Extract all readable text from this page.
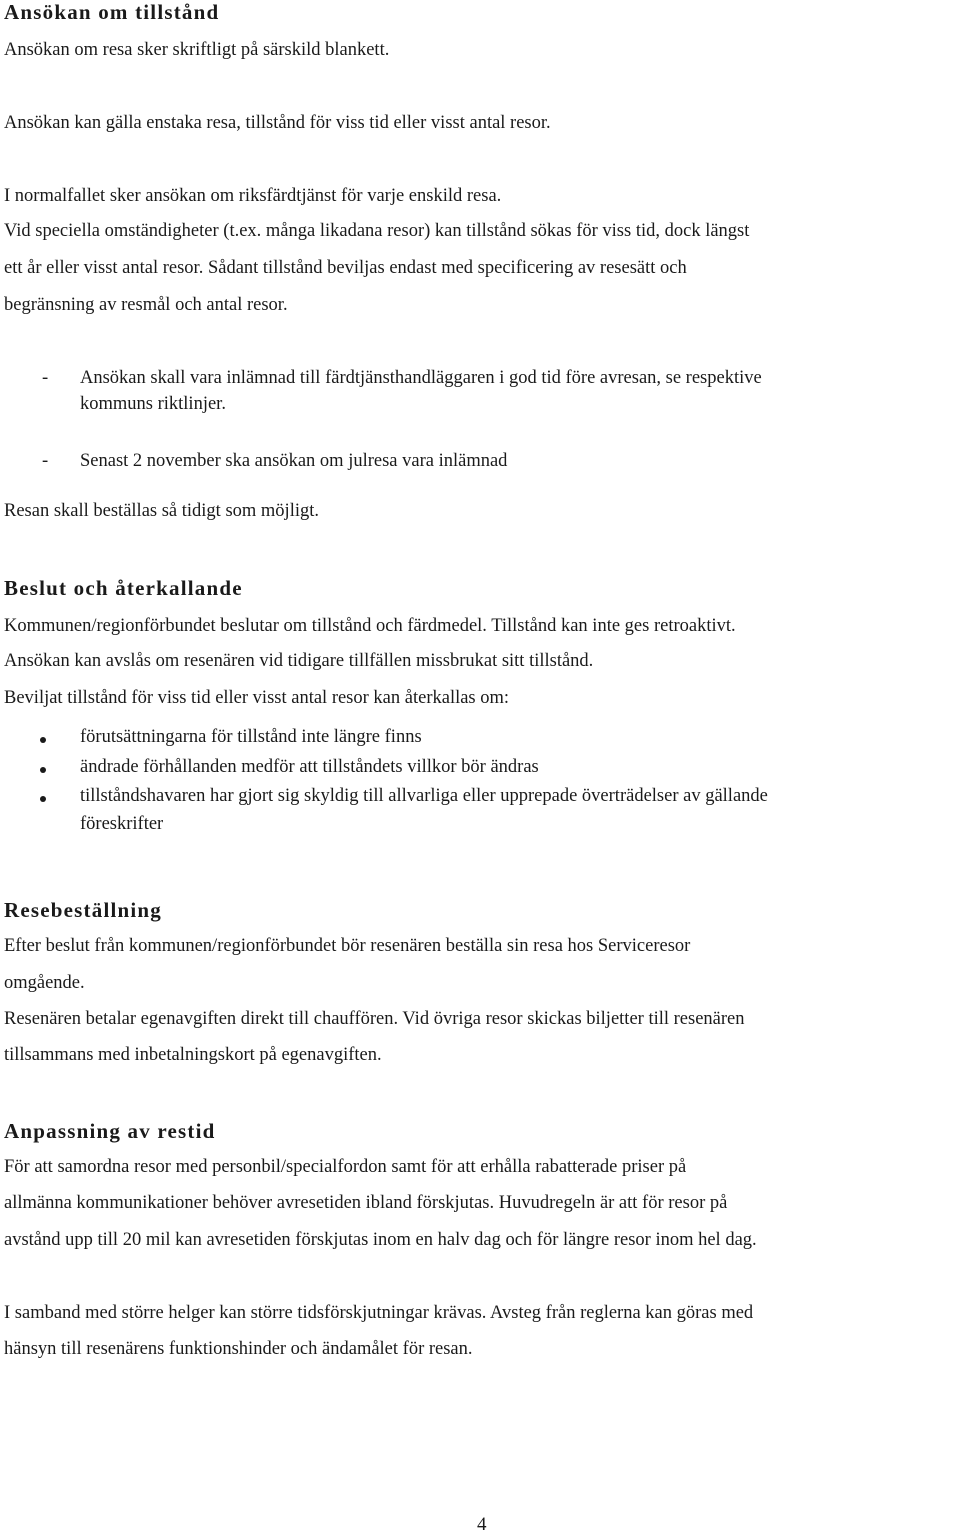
Ansökan om tillstånd

Ansökan om resa sker skriftligt på särskild blankett.

Ansökan kan gälla enstaka resa, tillstånd för viss tid eller visst antal resor.

I normalfallet sker ansökan om riksfärdtjänst för varje enskild resa.

Vid speciella omständigheter (t.ex. många likadana resor) kan tillstånd sökas för viss tid, dock längst

ett år eller visst antal resor. Sådant tillstånd beviljas endast med specificering av resesätt och

begränsning av resmål och antal resor.

- Ansökan skall vara inlämnad till färdtjänsthandläggaren i god tid före avresan, se respektive

kommuns riktlinjer.

- Senast 2 november ska ansökan om julresa vara inlämnad

Resan skall beställas så tidigt som möjligt.

Beslut och återkallande

Kommunen/regionförbundet beslutar om tillstånd och färdmedel. Tillstånd kan inte ges retroaktivt.

Ansökan kan avslås om resenären vid tidigare tillfällen missbrukat sitt tillstånd.

Beviljat tillstånd för viss tid eller visst antal resor kan återkallas om:

förutsättningarna för tillstånd inte längre finns

ändrade förhållanden medför att tillståndets villkor bör ändras

tillståndshavaren har gjort sig skyldig till allvarliga eller upprepade överträdelser av gällande

föreskrifter

Resebeställning

Efter beslut från kommunen/regionförbundet bör resenären beställa sin resa hos Serviceresor

omgående.

Resenären betalar egenavgiften direkt till chauffören. Vid övriga resor skickas biljetter till resenären

tillsammans med inbetalningskort på egenavgiften.

Anpassning av restid

För att samordna resor med personbil/specialfordon samt för att erhålla rabatterade priser på

allmänna kommunikationer behöver avresetiden ibland förskjutas. Huvudregeln är att för resor på

avstånd upp till 20 mil kan avresetiden förskjutas inom en halv dag och för längre resor inom hel dag.

I samband med större helger kan större tidsförskjutningar krävas. Avsteg från reglerna kan göras med

hänsyn till resenärens funktionshinder och ändamålet för resan.

4
